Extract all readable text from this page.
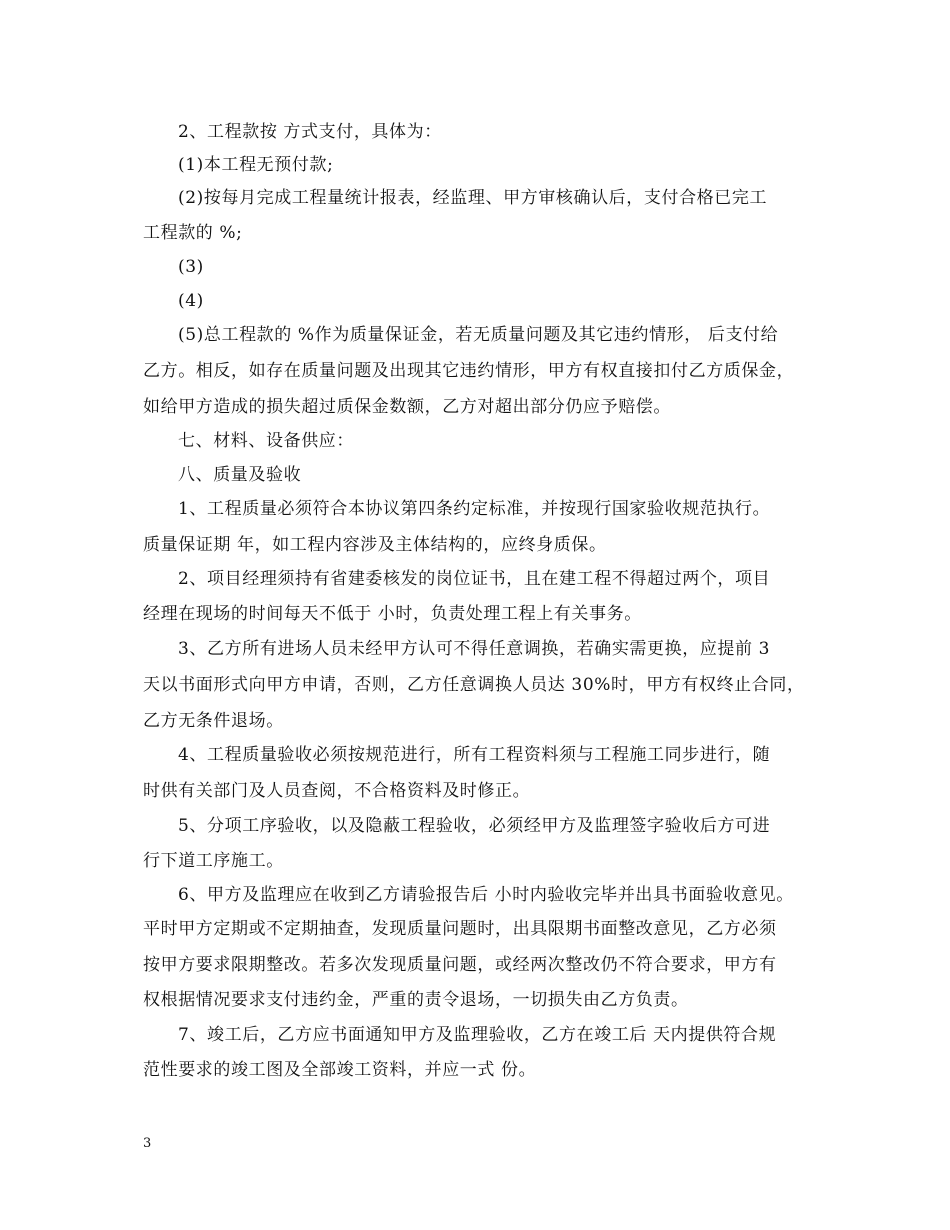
2、工程款按 方式支付，具体为：
(1)本工程无预付款;
(2)按每月完成工程量统计报表，经监理、甲方审核确认后，支付合格已完工
工程款的 %;
(3)
(4)
(5)总工程款的 %作为质量保证金，若无质量问题及其它违约情形， 后支付给
乙方。相反，如存在质量问题及出现其它违约情形，甲方有权直接扣付乙方质保金，
如给甲方造成的损失超过质保金数额，乙方对超出部分仍应予赔偿。
七、材料、设备供应：
八、质量及验收
1、工程质量必须符合本协议第四条约定标准，并按现行国家验收规范执行。
质量保证期 年，如工程内容涉及主体结构的，应终身质保。
2、项目经理须持有省建委核发的岗位证书，且在建工程不得超过两个，项目
经理在现场的时间每天不低于 小时，负责处理工程上有关事务。
3、乙方所有进场人员未经甲方认可不得任意调换，若确实需更换，应提前 3
天以书面形式向甲方申请，否则，乙方任意调换人员达 30%时，甲方有权终止合同，
乙方无条件退场。
4、工程质量验收必须按规范进行，所有工程资料须与工程施工同步进行，随
时供有关部门及人员查阅，不合格资料及时修正。
5、分项工序验收，以及隐蔽工程验收，必须经甲方及监理签字验收后方可进
行下道工序施工。
6、甲方及监理应在收到乙方请验报告后 小时内验收完毕并出具书面验收意见。
平时甲方定期或不定期抽查，发现质量问题时，出具限期书面整改意见，乙方必须
按甲方要求限期整改。若多次发现质量问题，或经两次整改仍不符合要求，甲方有
权根据情况要求支付违约金，严重的责令退场，一切损失由乙方负责。
7、竣工后，乙方应书面通知甲方及监理验收，乙方在竣工后 天内提供符合规
范性要求的竣工图及全部竣工资料，并应一式 份。
3
